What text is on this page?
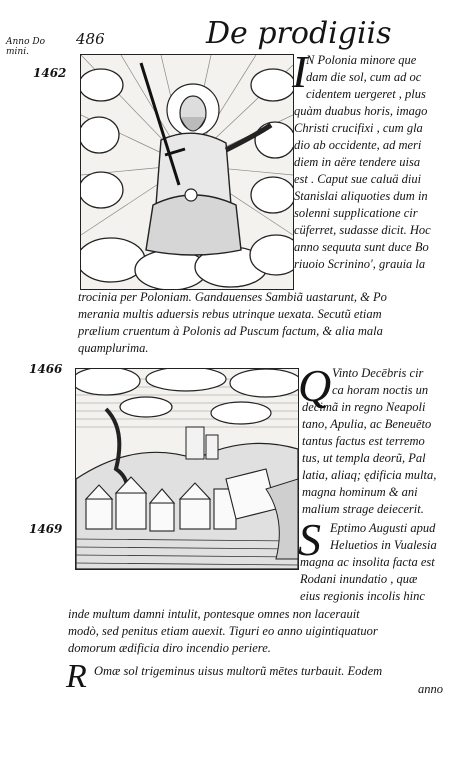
Anno Do
mini.
1462
1466
1469
486	De prodigiis
I
N Polonia minore que
dam die sol, cum ad oc
cidentem uergeret , plus
quàm duabus horis, imago
Christi crucifixi , cum gla
dio ab occidente, ad meri
diem in aëre tendere uisa
est . Caput sue caluä diui
Stanislai aliquoties dum in
solenni supplicatione cir
cüferret, sudasse dicit. Hoc
anno sequuta sunt duce Bo
riuoio Scrinino', grauia la
trocinia per Poloniam. Gandauenses Sambiã uastarunt, & Po
merania multis aduersis rebus utrinque uexata. Secutũ etiam
prælium cruentum à Polonis ad Puscum factum, & alia mala
quamplurima.
Q Vinto Decēbris cir
ca horam noctis un
decimã in regno Neapoli
tano, Apulia, ac Beneuēto
tantus factus est terremo
tus, ut templa deorũ, Pal
latia, aliaq; ędificia multa,
magna hominum & ani
malium strage deiecerit.
S Eptimo Augusti apud
Heluetios in Vualesia
magna ac insolita facta est
Rodani inundatio , quæ
eius regionis incolis hinc
inde multum damni intulit, pontesque omnes non lacerauit
modò, sed penitus etiam auexit. Tiguri eo anno uigintiquatuor
domorum ædificia diro incendio periere.
R Omæ sol trigeminus uisus multorũ mētes turbauit. Eodem
anno
